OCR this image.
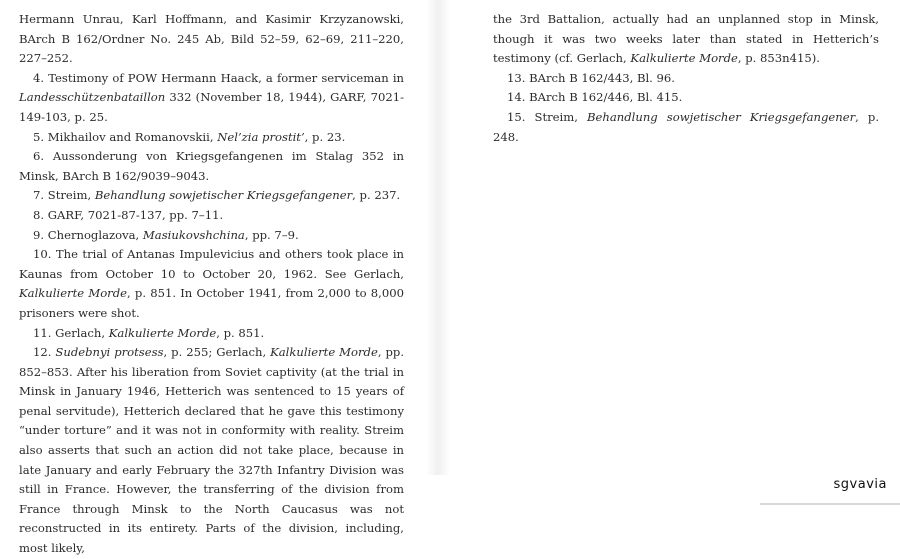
Hermann Unrau, Karl Hoffmann, and Kasimir Krzyzanowski, BArch B 162/Ordner No. 245 Ab, Bild 52–59, 62–69, 211–220, 227–252.

4. Testimony of POW Hermann Haack, a former serviceman in Landesschützenbataillon 332 (November 18, 1944), GARF, 7021-149-103, p. 25.

5. Mikhailov and Romanovskii, Nel’zia prostit’, p. 23.

6. Aussonderung von Kriegsgefangenen im Stalag 352 in Minsk, BArch B 162/9039–9043.

7. Streim, Behandlung sowjetischer Kriegsgefangener, p. 237.

8. GARF, 7021-87-137, pp. 7–11.

9. Chernoglazova, Masiukovshchina, pp. 7–9.

10. The trial of Antanas Impulevicius and others took place in Kaunas from October 10 to October 20, 1962. See Gerlach, Kalkulierte Morde, p. 851. In October 1941, from 2,000 to 8,000 prisoners were shot.

11. Gerlach, Kalkulierte Morde, p. 851.

12. Sudebnyi protsess, p. 255; Gerlach, Kalkulierte Morde, pp. 852–853. After his liberation from Soviet captivity (at the trial in Minsk in January 1946, Hetterich was sentenced to 15 years of penal servitude), Hetterich declared that he gave this testimony “under torture” and it was not in conformity with reality. Streim also asserts that such an action did not take place, because in late January and early February the 327th Infantry Division was still in France. However, the transferring of the division from France through Minsk to the North Caucasus was not reconstructed in its entirety. Parts of the division, including, most likely,

the 3rd Battalion, actually had an unplanned stop in Minsk, though it was two weeks later than stated in Hetterich’s testimony (cf. Gerlach, Kalkulierte Morde, p. 853n415).

13. BArch B 162/443, Bl. 96.

14. BArch B 162/446, Bl. 415.

15. Streim, Behandlung sowjetischer Kriegsgefangener, p. 248.

sgvavia
